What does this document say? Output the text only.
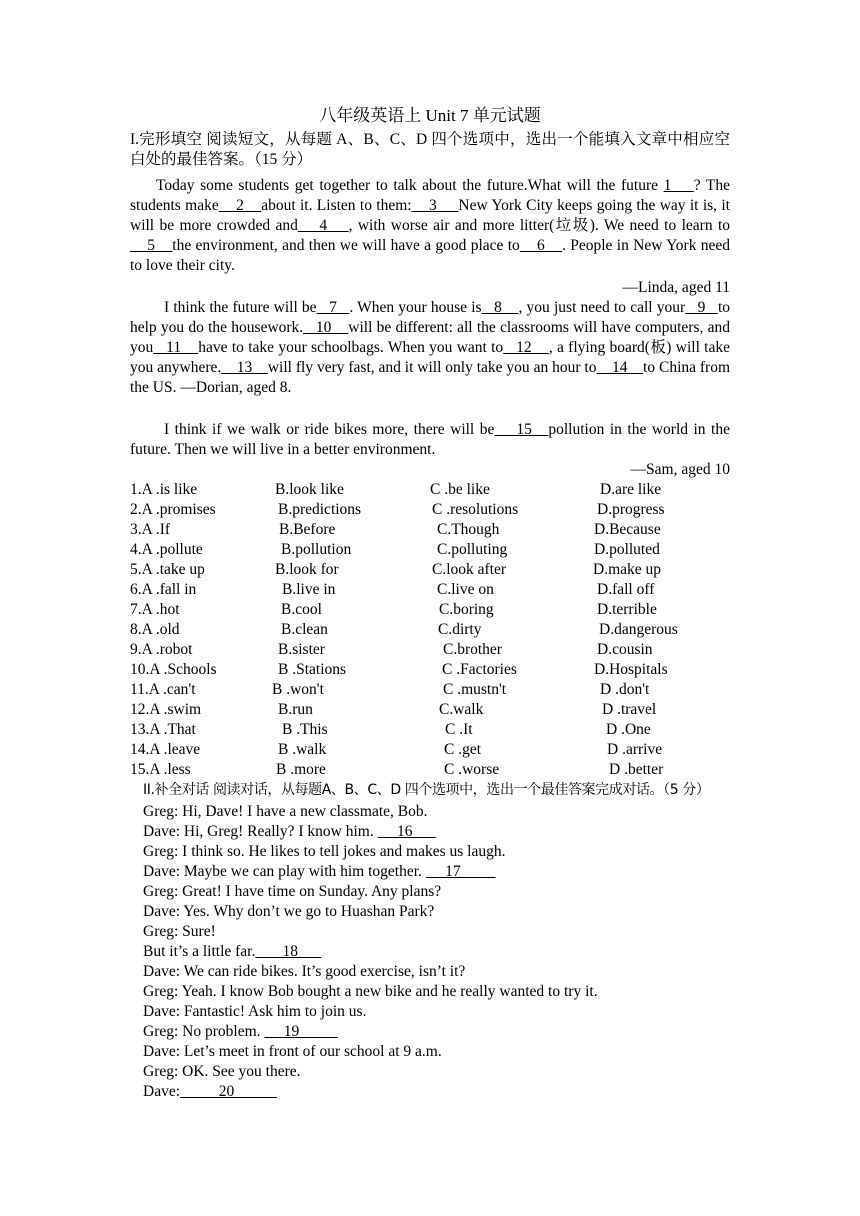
八年级英语上 Unit 7 单元试题
I.完形填空 阅读短文，从每题 A、B、C、D 四个选项中，选出一个能填入文章中相应空白处的最佳答案。（15 分）
Today some students get together to talk about the future.What will the future 1    ? The students make    2    about it. Listen to them:    3     New York City keeps going the way it is, it will be more crowded and    4    , with worse air and more litter(垃圾). We need to learn to    5    the environment, and then we will have a good place to    6    . People in New York need to love their city.
—Linda, aged 11
I think the future will be   7   . When your house is   8    , you just need to call your   9   to help you do the housework.   10    will be different: all the classrooms will have computers, and you   11    have to take your schoolbags. When you want to   12    , a flying board(板) will take you anywhere.    13    will fly very fast, and it will only take you an hour to    14    to China from the US. —Dorian, aged 8.
I think if we walk or ride bikes more, there will be    15   pollution in the world in the future. Then we will live in a better environment.
—Sam, aged 10
1.A .is like	B.look like	C .be like	D.are like
2.A .promises	B.predictions	C .resolutions	D.progress
3.A .If	B.Before	C.Though	D.Because
4.A .pollute	B.pollution	C.polluting	D.polluted
5.A .take up	B.look for	C.look after	D.make up
6.A .fall in	B.live in	C.live on	D.fall off
7.A .hot	B.cool	C.boring	D.terrible
8.A .old	B.clean	C.dirty	D.dangerous
9.A .robot	B.sister	C.brother	D.cousin
10.A .Schools	B .Stations	C .Factories	D.Hospitals
11.A .can't	B .won't	C .mustn't	D .don't
12.A .swim	B.run	C.walk	D .travel
13.A .That	B .This	C .It	D .One
14.A .leave	B .walk	C .get	D .arrive
15.A .less	B .more	C .worse	D .better
II.补全对话 阅读对话，从每题A、B、C、D 四个选项中，选出一个最佳答案完成对话。（5 分）
Greg: Hi, Dave! I have a new classmate, Bob.
Dave: Hi, Greg! Really? I know him.      16
Greg: I think so. He likes to tell jokes and makes us laugh.
Dave: Maybe we can play with him together.      17
Greg: Great! I have time on Sunday. Any plans?
Dave: Yes. Why don’t we go to Huashan Park?
Greg: Sure!
But it’s a little far.       18
Dave: We can ride bikes. It’s good exercise, isn’t it?
Greg: Yeah. I know Bob bought a new bike and he really wanted to try it.
Dave: Fantastic! Ask him to join us.
Greg: No problem.      19
Dave: Let’s meet in front of our school at 9 a.m.
Greg: OK. See you there.
Dave:          20
